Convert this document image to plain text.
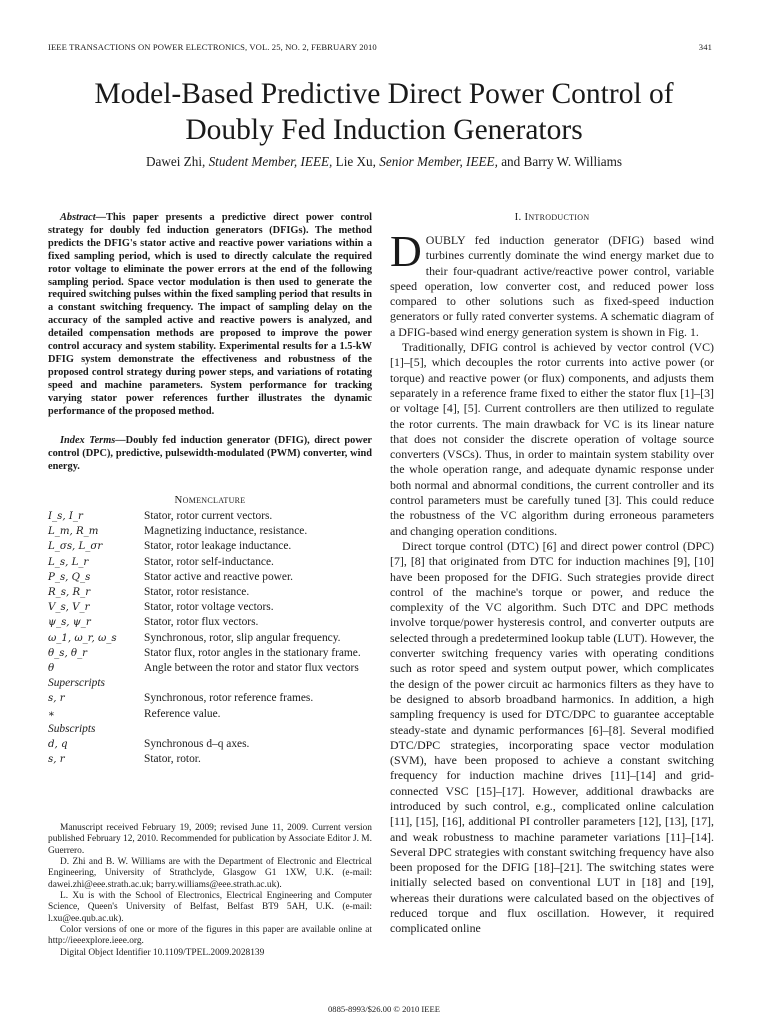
IEEE TRANSACTIONS ON POWER ELECTRONICS, VOL. 25, NO. 2, FEBRUARY 2010	341
Model-Based Predictive Direct Power Control of
Doubly Fed Induction Generators
Dawei Zhi, Student Member, IEEE, Lie Xu, Senior Member, IEEE, and Barry W. Williams
Abstract—This paper presents a predictive direct power control strategy for doubly fed induction generators (DFIGs). The method predicts the DFIG's stator active and reactive power variations within a fixed sampling period, which is used to directly calculate the required rotor voltage to eliminate the power errors at the end of the following sampling period. Space vector modulation is then used to generate the required switching pulses within the fixed sampling period that results in a constant switching frequency. The impact of sampling delay on the accuracy of the sampled active and reactive powers is analyzed, and detailed compensation methods are proposed to improve the power control accuracy and system stability. Experimental results for a 1.5-kW DFIG system demonstrate the effectiveness and robustness of the proposed control strategy during power steps, and variations of rotating speed and machine parameters. System performance for tracking varying stator power references further illustrates the dynamic performance of the proposed method.
Index Terms—Doubly fed induction generator (DFIG), direct power control (DPC), predictive, pulsewidth-modulated (PWM) converter, wind energy.
Nomenclature
I_s, I_r	Stator, rotor current vectors.
L_m, R_m	Magnetizing inductance, resistance.
L_σs, L_σr	Stator, rotor leakage inductance.
L_s, L_r	Stator, rotor self-inductance.
P_s, Q_s	Stator active and reactive power.
R_s, R_r	Stator, rotor resistance.
V_s, V_r	Stator, rotor voltage vectors.
ψ_s, ψ_r	Stator, rotor flux vectors.
ω_1, ω_r, ω_s	Synchronous, rotor, slip angular frequency.
θ_s, θ_r	Stator flux, rotor angles in the stationary frame.
θ	Angle between the rotor and stator flux vectors
Superscripts
s, r	Synchronous, rotor reference frames.
∗	Reference value.
Subscripts
d, q	Synchronous d–q axes.
s, r	Stator, rotor.

Manuscript received February 19, 2009; revised June 11, 2009. Current version published February 12, 2010. Recommended for publication by Associate Editor J. M. Guerrero.

D. Zhi and B. W. Williams are with the Department of Electronic and Electrical Engineering, University of Strathclyde, Glasgow G1 1XW, U.K. (e-mail: dawei.zhi@eee.strath.ac.uk; barry.williams@eee.strath.ac.uk).

L. Xu is with the School of Electronics, Electrical Engineering and Computer Science, Queen's University of Belfast, Belfast BT9 5AH, U.K. (e-mail: l.xu@ee.qub.ac.uk).

Color versions of one or more of the figures in this paper are available online at http://ieeexplore.ieee.org.

Digital Object Identifier 10.1109/TPEL.2009.2028139

I. Introduction

DOUBLY fed induction generator (DFIG) based wind turbines currently dominate the wind energy market due to their four-quadrant active/reactive power control, variable speed operation, low converter cost, and reduced power loss compared to other solutions such as fixed-speed induction generators or fully rated converter systems. A schematic diagram of a DFIG-based wind energy generation system is shown in Fig. 1.

Traditionally, DFIG control is achieved by vector control (VC) [1]–[5], which decouples the rotor currents into active power (or torque) and reactive power (or flux) components, and adjusts them separately in a reference frame fixed to either the stator flux [1]–[3] or voltage [4], [5]. Current controllers are then utilized to regulate the rotor currents. The main drawback for VC is its linear nature that does not consider the discrete operation of voltage source converters (VSCs). Thus, in order to maintain system stability over the whole operation range, and adequate dynamic response under both normal and abnormal conditions, the current controller and its control parameters must be carefully tuned [3]. This could reduce the robustness of the VC algorithm during erroneous parameters and changing operation conditions.

Direct torque control (DTC) [6] and direct power control (DPC) [7], [8] that originated from DTC for induction machines [9], [10] have been proposed for the DFIG. Such strategies provide direct control of the machine's torque or power, and reduce the complexity of the VC algorithm. Such DTC and DPC methods involve torque/power hysteresis control, and converter outputs are selected through a predetermined lookup table (LUT). However, the converter switching frequency varies with operating conditions such as rotor speed and system output power, which complicates the design of the power circuit ac harmonics filters as they have to be designed to absorb broadband harmonics. In addition, a high sampling frequency is used for DTC/DPC to guarantee acceptable steady-state and dynamic performances [6]–[8]. Several modified DTC/DPC strategies, incorporating space vector modulation (SVM), have been proposed to achieve a constant switching frequency for induction machine drives [11]–[14] and grid-connected VSC [15]–[17]. However, additional drawbacks are introduced by such control, e.g., complicated online calculation [11], [15], [16], additional PI controller parameters [12], [13], [17], and weak robustness to machine parameter variations [11]–[14]. Several DPC strategies with constant switching frequency have also been proposed for the DFIG [18]–[21]. The switching states were initially selected based on conventional LUT in [18] and [19], whereas their durations were calculated based on the objectives of reduced torque and flux oscillation. However, it required complicated online

0885-8993/$26.00 © 2010 IEEE
